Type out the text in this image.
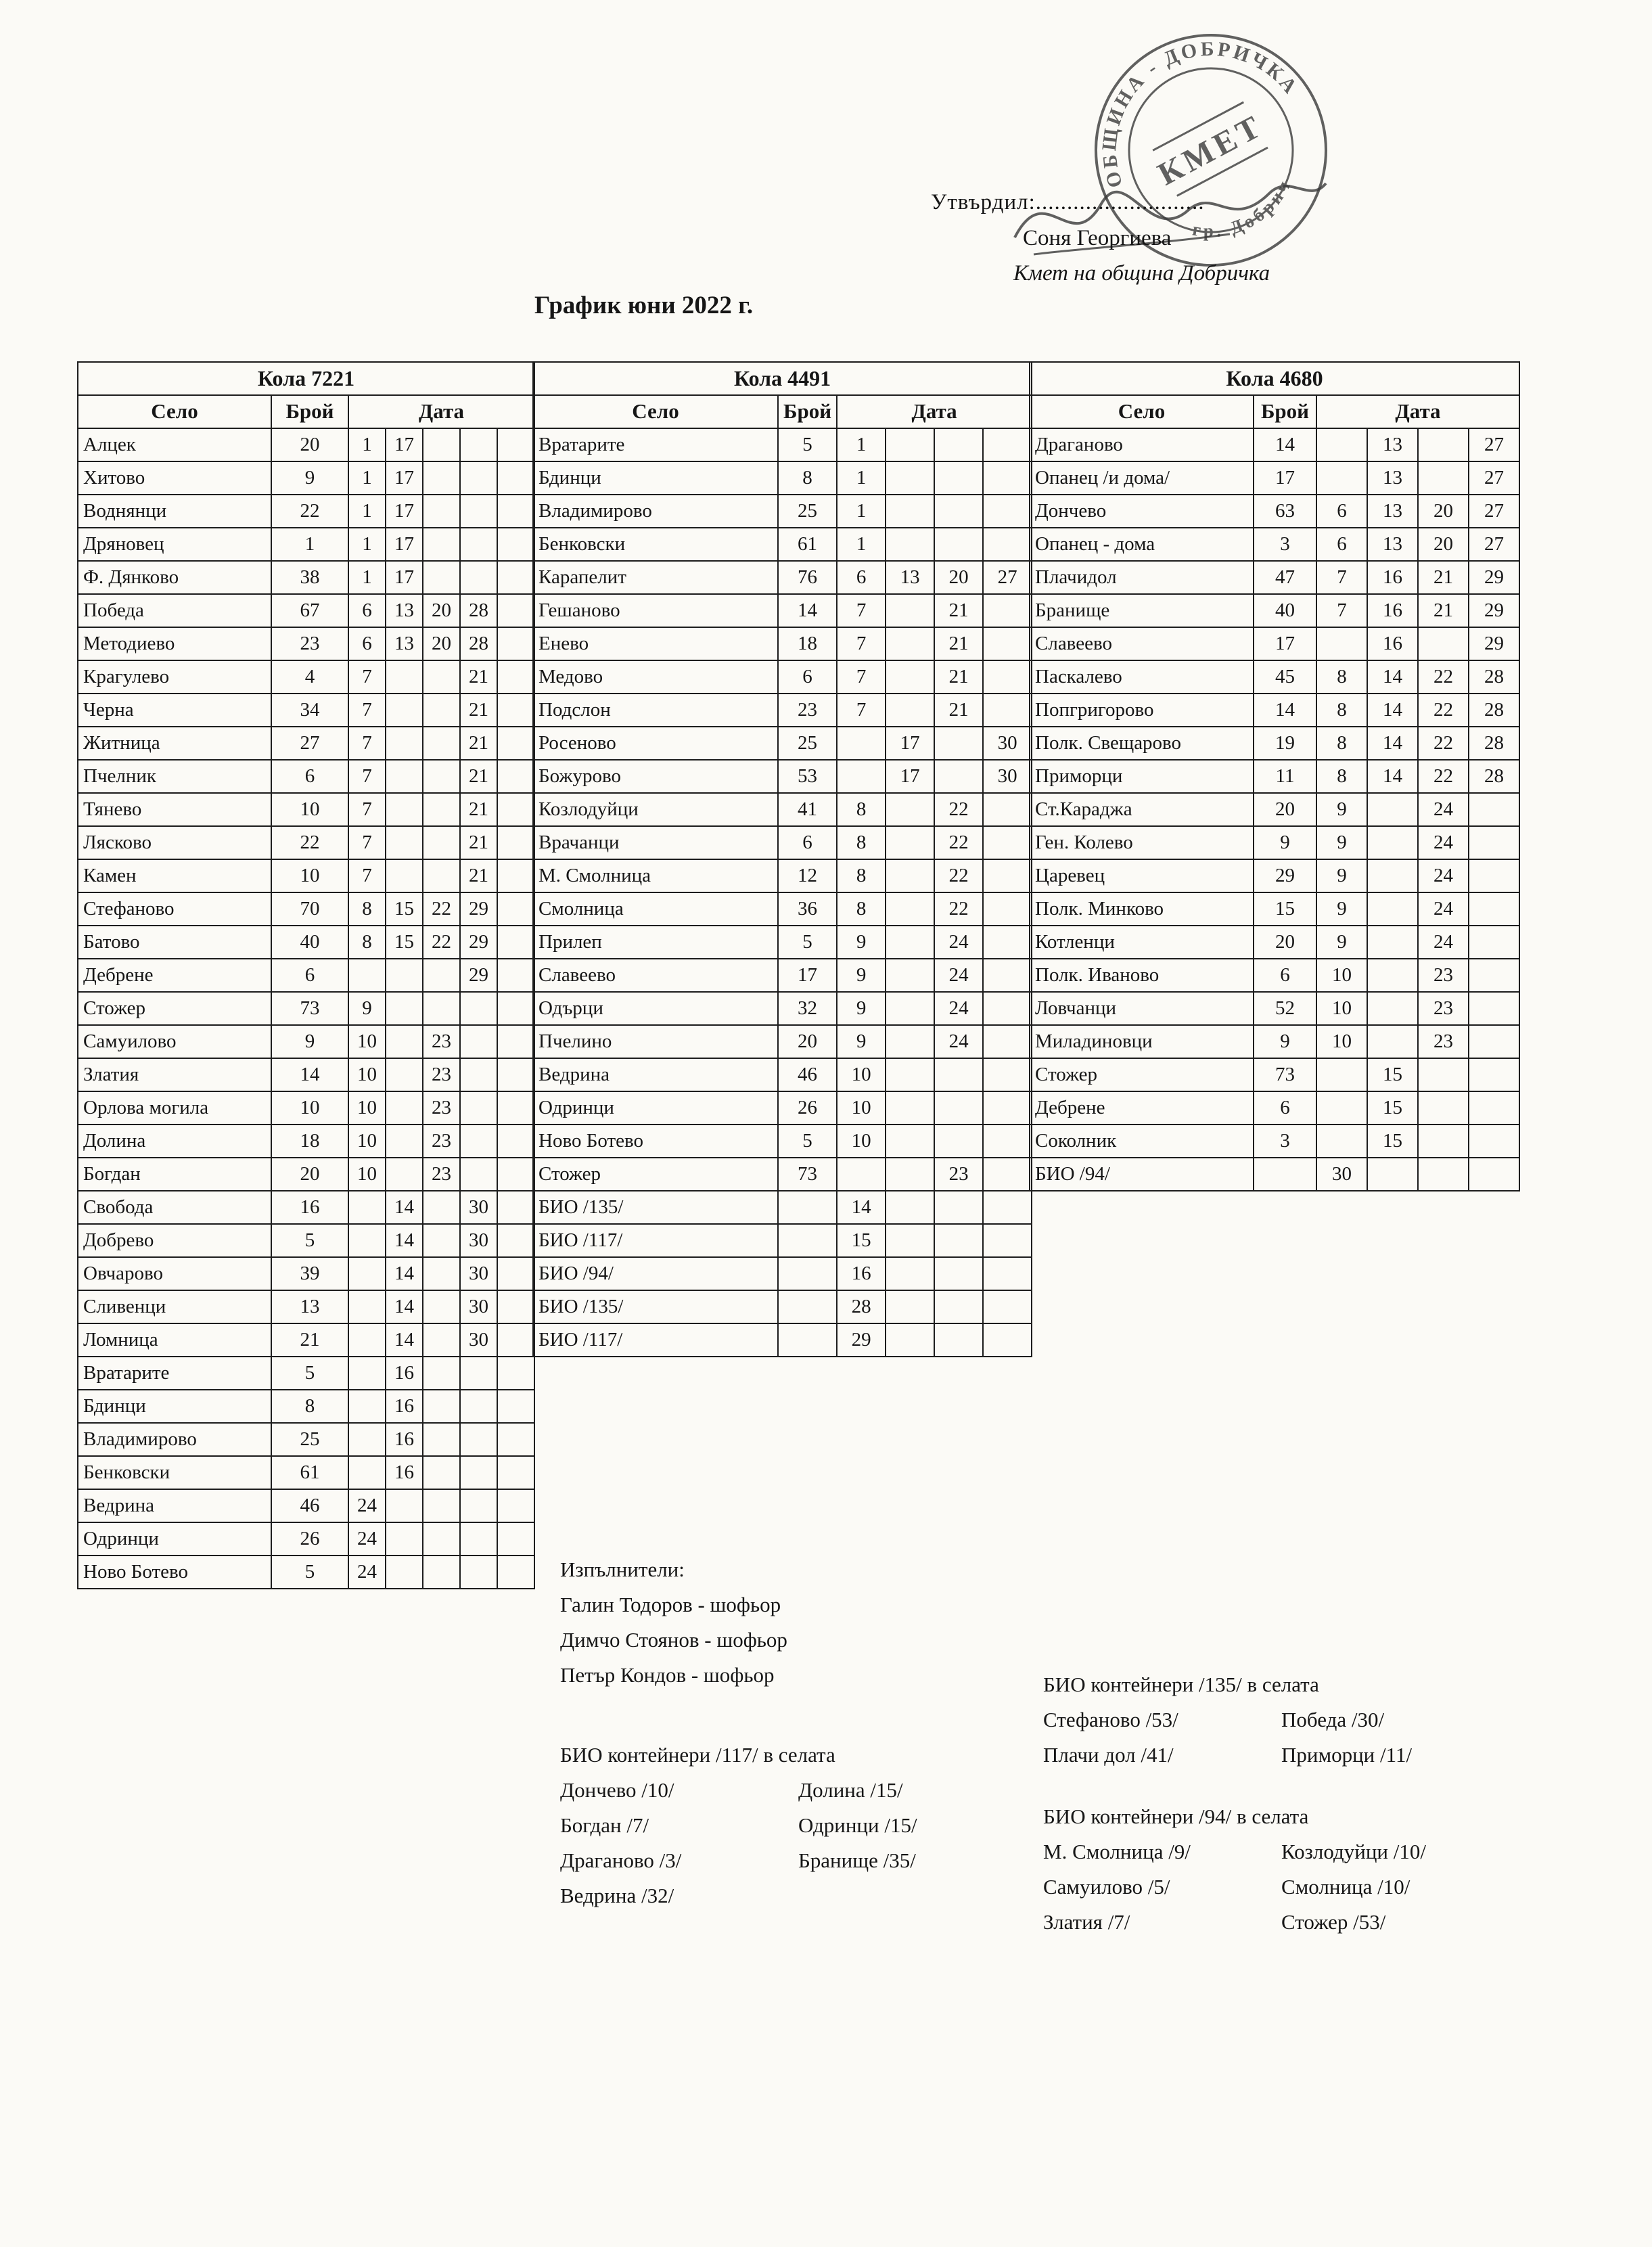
ОБЩИНА - ДОБРИЧКА
гр. Добрич
КМЕТ
Утвърдил:...........................
Соня Георгиева
Кмет на община Добричка
График юни 2022 г.
Кола 7221						
Село	Брой	Дата				
Алцек	20	1	17			
Хитово	9	1	17			
Воднянци	22	1	17			
Дряновец	1	1	17			
Ф. Дянково	38	1	17			
Победа	67	6	13	20	28	
Методиево	23	6	13	20	28	
Крагулево	4	7			21	
Черна	34	7			21	
Житница	27	7			21	
Пчелник	6	7			21	
Тянево	10	7			21	
Лясково	22	7			21	
Камен	10	7			21	
Стефаново	70	8	15	22	29	
Батово	40	8	15	22	29	
Дебрене	6				29	
Стожер	73	9				
Самуилово	9	10		23		
Златия	14	10		23		
Орлова могила	10	10		23		
Долина	18	10		23		
Богдан	20	10		23		
Свобода	16		14		30	
Добрево	5		14		30	
Овчарово	39		14		30	
Сливенци	13		14		30	
Ломница	21		14		30	
Вратарите	5		16			
Бдинци	8		16			
Владимирово	25		16			
Бенковски	61		16			
Ведрина	46	24				
Одринци	26	24				
Ново Ботево	5	24				
Кола 4491					
Село	Брой	Дата			
Вратарите	5	1			
Бдинци	8	1			
Владимирово	25	1			
Бенковски	61	1			
Карапелит	76	6	13	20	27
Гешаново	14	7		21	
Енево	18	7		21	
Медово	6	7		21	
Подслон	23	7		21	
Росеново	25		17		30
Божурово	53		17		30
Козлодуйци	41	8		22	
Врачанци	6	8		22	
М. Смолница	12	8		22	
Смолница	36	8		22	
Прилеп	5	9		24	
Славеево	17	9		24	
Одърци	32	9		24	
Пчелино	20	9		24	
Ведрина	46	10			
Одринци	26	10			
Ново Ботево	5	10			
Стожер	73			23	
БИО /135/		14			
БИО /117/		15			
БИО /94/		16			
БИО /135/		28			
БИО /117/		29			
Кола 4680					
Село	Брой	Дата			
Драганово	14		13		27
Опанец /и дома/	17		13		27
Дончево	63	6	13	20	27
Опанец - дома	3	6	13	20	27
Плачидол	47	7	16	21	29
Бранище	40	7	16	21	29
Славеево	17		16		29
Паскалево	45	8	14	22	28
Попгригорово	14	8	14	22	28
Полк. Свещарово	19	8	14	22	28
Приморци	11	8	14	22	28
Ст.Караджа	20	9		24	
Ген. Колево	9	9		24	
Царевец	29	9		24	
Полк. Минково	15	9		24	
Котленци	20	9		24	
Полк. Иваново	6	10		23	
Ловчанци	52	10		23	
Миладиновци	9	10		23	
Стожер	73		15		
Дебрене	6		15		
Соколник	3		15		
БИО /94/		30			
Изпълнители:
Галин Тодоров - шофьор
Димчо Стоянов - шофьор
Петър Кондов - шофьор	БИО контейнери /135/ в селата
Стефаново /53/	Победа /30/
Плачи дол /41/	Приморци /11/
БИО контейнери /117/ в селата
Дончево /10/	Долина /15/
Богдан /7/	Одринци /15/
Драганово /3/	Бранище /35/
Ведрина /32/
БИО контейнери /94/ в селата
М. Смолница /9/	Козлодуйци /10/
Самуилово /5/	Смолница /10/
Златия /7/	Стожер /53/
